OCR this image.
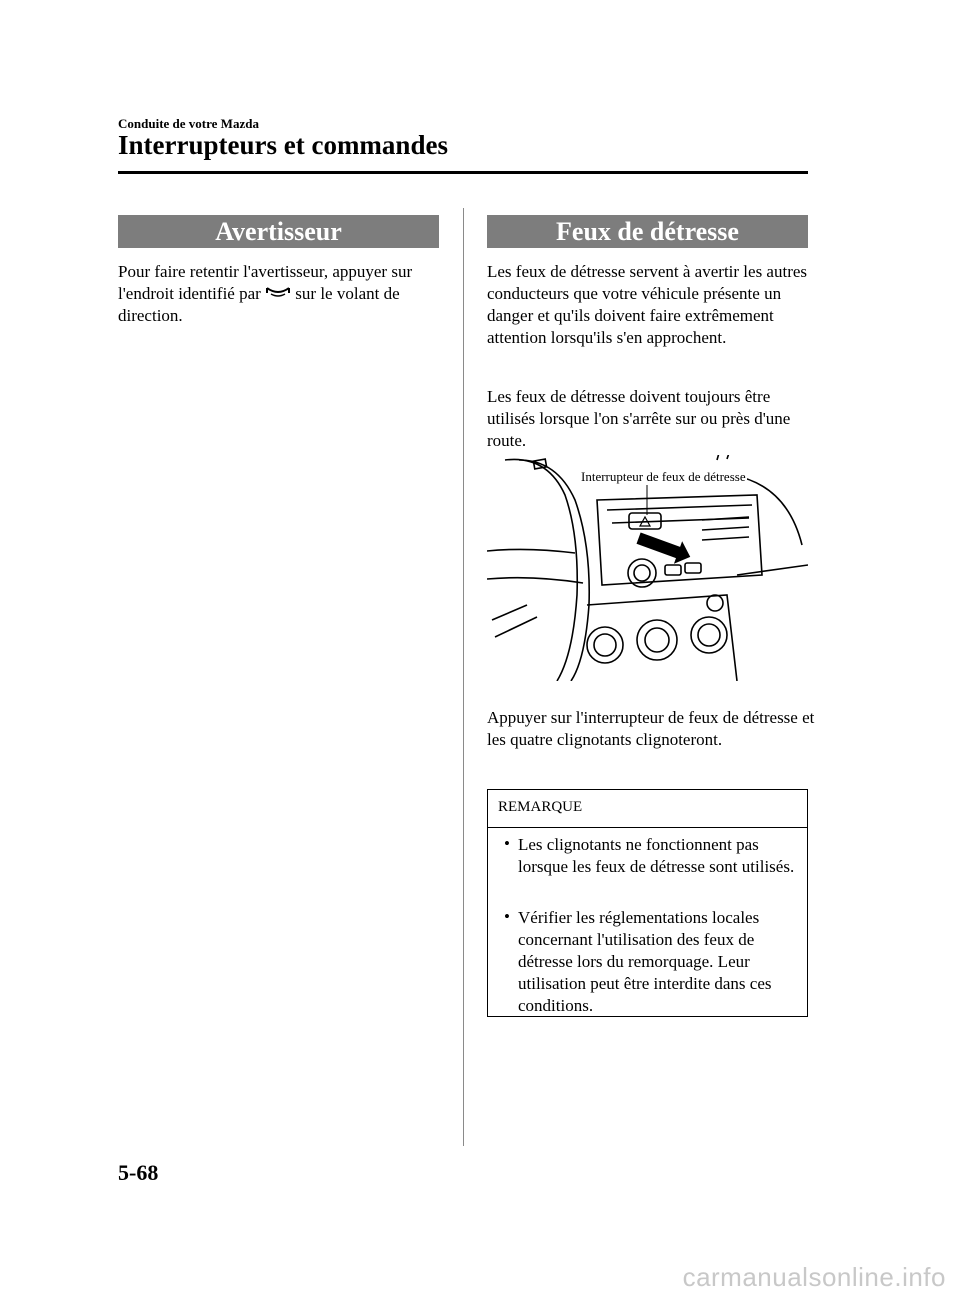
Conduite de votre Mazda
Interrupteurs et commandes
Avertisseur
Pour faire retentir l'avertisseur, appuyer sur l'endroit identifié par  sur le volant de direction.
Feux de détresse
Les feux de détresse servent à avertir les autres conducteurs que votre véhicule présente un danger et qu'ils doivent faire extrêmement attention lorsqu'ils s'en approchent.
Les feux de détresse doivent toujours être utilisés lorsque l'on s'arrête sur ou près d'une route.
Interrupteur de feux de détresse
Appuyer sur l'interrupteur de feux de détresse et les quatre clignotants clignoteront.
REMARQUE
• Les clignotants ne fonctionnent pas lorsque les feux de détresse sont utilisés.
• Vérifier les réglementations locales concernant l'utilisation des feux de détresse lors du remorquage. Leur utilisation peut être interdite dans ces conditions.
5-68
carmanualsonline.info
